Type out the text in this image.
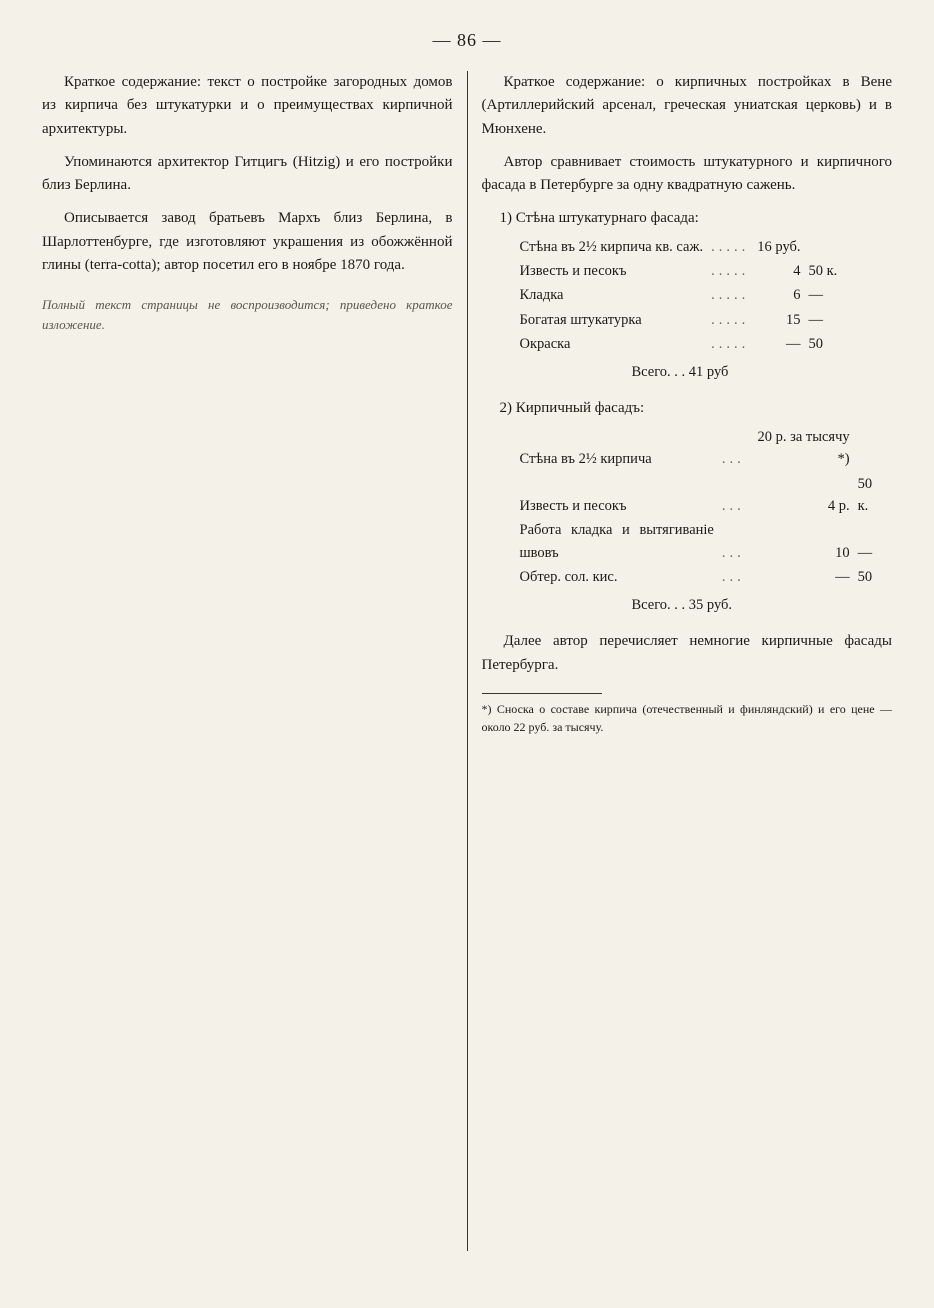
— 86 —

Краткое содержание: текст о постройке загородных домов из кирпича без штукатурки и о преимуществах кирпичной архитектуры.

Упоминаются архитектор Гитцигъ (Hitzig) и его постройки близ Берлина.

Описывается завод братьевъ Мархъ близ Берлина, в Шарлоттенбурге, где изготовляют украшения из обожжённой глины (terra-cotta); автор посетил его в ноябре 1870 года.

Полный текст страницы не воспроизводится; приведено краткое изложение.

Краткое содержание: о кирпичных постройках в Вене (Артиллерийский арсенал, греческая униатская церковь) и в Мюнхене.

Автор сравнивает стоимость штукатурного и кирпичного фасада в Петербурге за одну квадратную сажень.

1) Стѣна штукатурнаго фасада:

Стѣна въ 2½ кирпича кв. саж.	.....	16 руб.	
Известь и песокъ	.....	4	50 к.
Кладка	.....	6	—
Богатая штукатурка	.....	15	—
Окраска	.....	—	50
Всего. . . 41 руб

2) Кирпичный фасадъ:

Стѣна въ 2½ кирпича	...	20 р. за тысячу *)	
Известь и песокъ	...	4 р.	50 к.
Работа кладка и вытягиваніе швовъ	...	10	—
Обтер. сол. кис.	...	—	50
Всего. . . 35 руб.

Далее автор перечисляет немногие кирпичные фасады Петербурга.

*) Сноска о составе кирпича (отечественный и финляндский) и его цене — около 22 руб. за тысячу.
